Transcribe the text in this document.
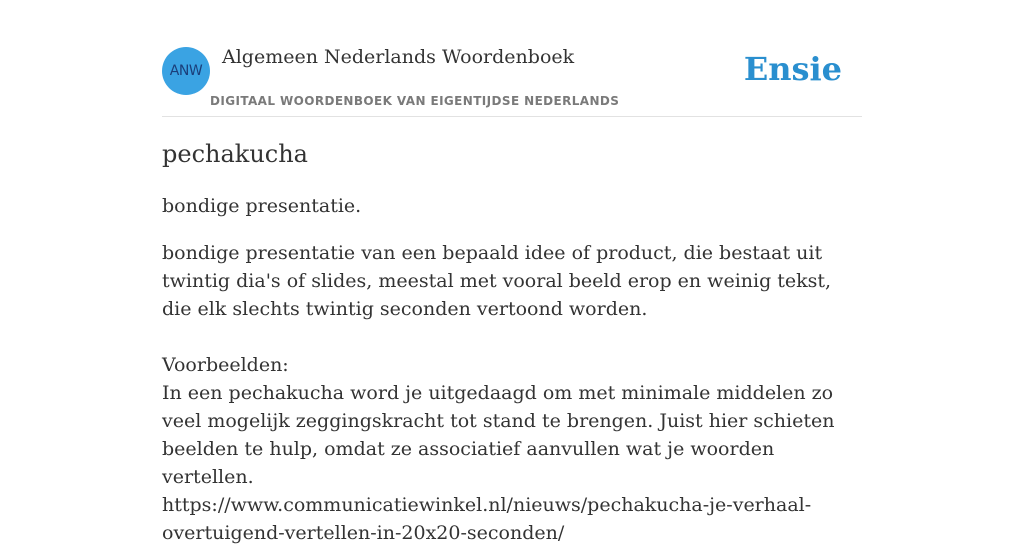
ANW
Algemeen Nederlands Woordenboek
DIGITAAL WOORDENBOEK VAN EIGENTIJDSE NEDERLANDS
Ensie
pechakucha

bondige presentatie.

bondige presentatie van een bepaald idee of product, die bestaat uit twintig dia's of slides, meestal met vooral beeld erop en weinig tekst, die elk slechts twintig seconden vertoond worden.

Voorbeelden:

In een pechakucha word je uitgedaagd om met minimale middelen zo veel mogelijk zeggingskracht tot stand te brengen. Juist hier schieten beelden te hulp, omdat ze associatief aanvullen wat je woorden vertellen.

https://www.communicatiewinkel.nl/nieuws/pechakucha-je-verhaal-overtuigend-vertellen-in-20x20-seconden/
